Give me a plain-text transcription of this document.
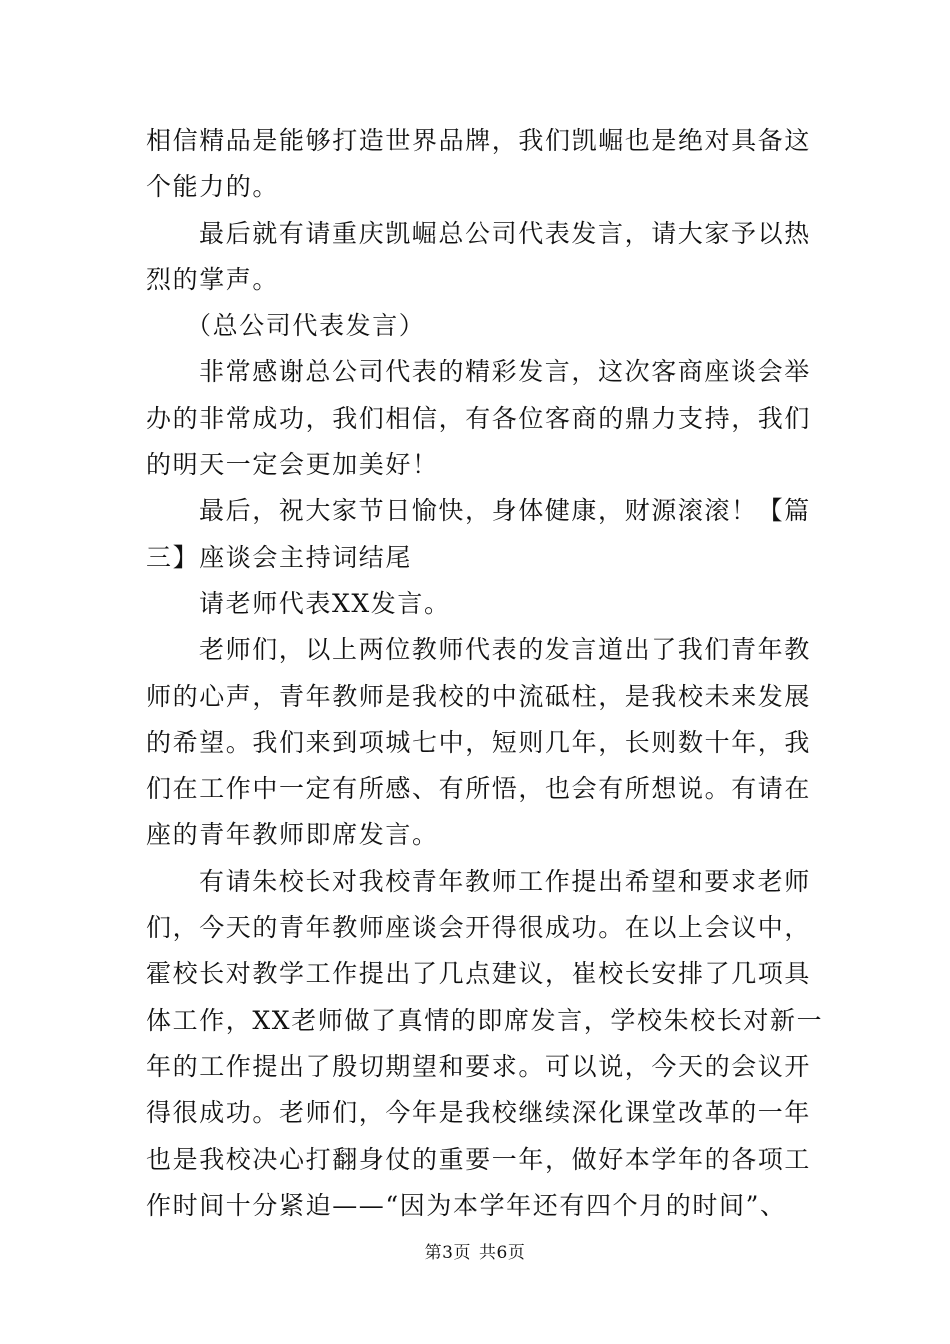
相信精品是能够打造世界品牌，我们凯崛也是绝对具备这
个能力的。
最后就有请重庆凯崛总公司代表发言，请大家予以热
烈的掌声。
（总公司代表发言）
非常感谢总公司代表的精彩发言，这次客商座谈会举
办的非常成功，我们相信，有各位客商的鼎力支持，我们
的明天一定会更加美好！
最后，祝大家节日愉快，身体健康，财源滚滚！【篇
三】座谈会主持词结尾
请老师代表XX发言。
老师们，以上两位教师代表的发言道出了我们青年教
师的心声，青年教师是我校的中流砥柱，是我校未来发展
的希望。我们来到项城七中，短则几年，长则数十年，我
们在工作中一定有所感、有所悟，也会有所想说。有请在
座的青年教师即席发言。
有请朱校长对我校青年教师工作提出希望和要求老师
们，今天的青年教师座谈会开得很成功。在以上会议中，
霍校长对教学工作提出了几点建议，崔校长安排了几项具
体工作，XX老师做了真情的即席发言，学校朱校长对新一
年的工作提出了殷切期望和要求。可以说，今天的会议开
得很成功。老师们，今年是我校继续深化课堂改革的一年
也是我校决心打翻身仗的重要一年，做好本学年的各项工
作时间十分紧迫——“因为本学年还有四个月的时间”、
第3页 共6页
